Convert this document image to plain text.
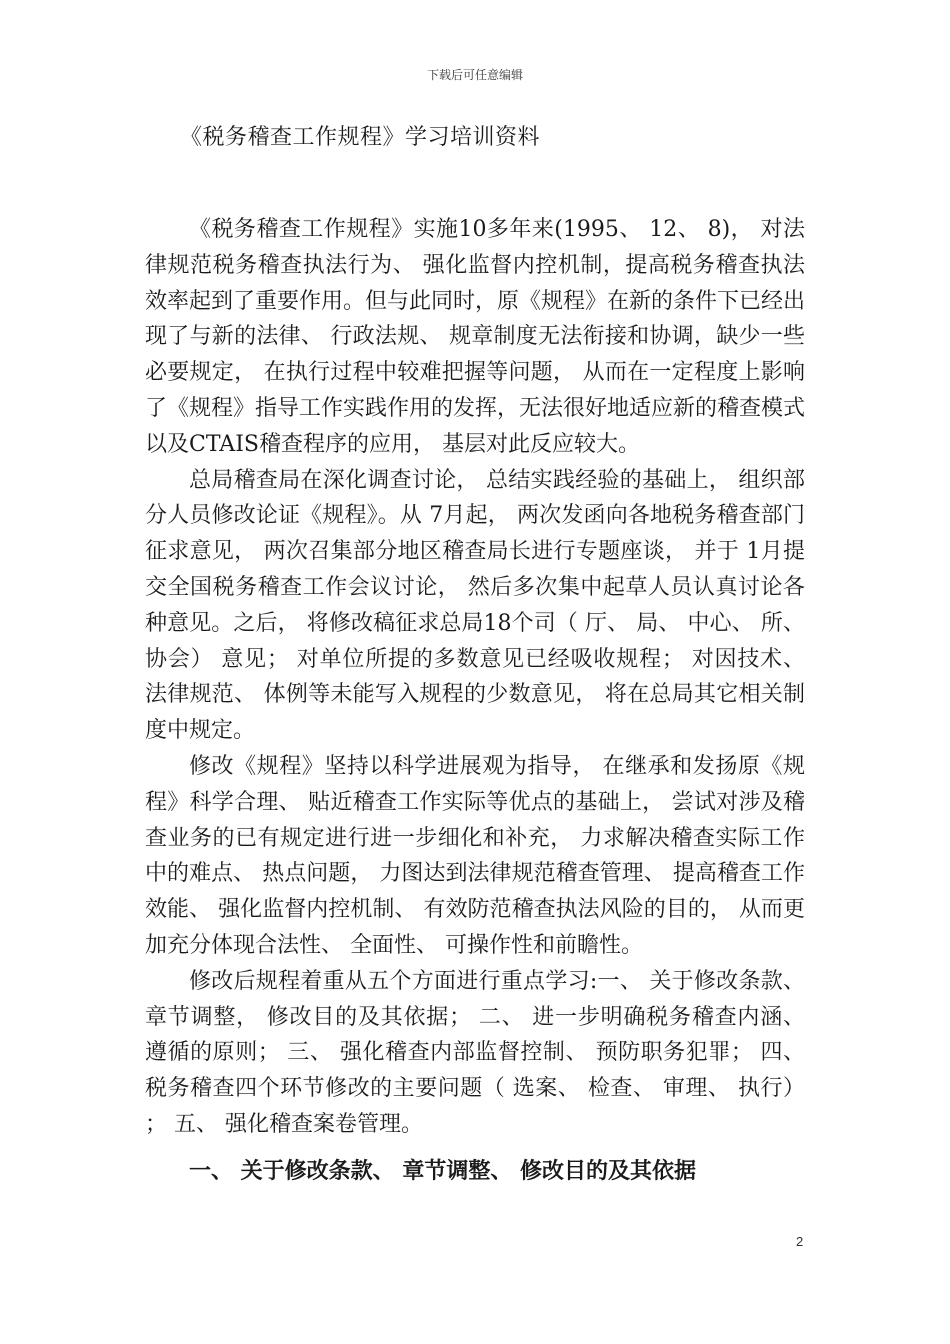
下载后可任意编辑
《税务稽查工作规程》学习培训资料

《税务稽查工作规程》实施10多年来(1995、 12、 8)， 对法律规范税务稽查执法行为、 强化监督内控机制，提高税务稽查执法效率起到了重要作用。但与此同时，原《规程》在新的条件下已经出现了与新的法律、 行政法规、 规章制度无法衔接和协调，缺少一些必要规定， 在执行过程中较难把握等问题， 从而在一定程度上影响了《规程》指导工作实践作用的发挥，无法很好地适应新的稽查模式以及CTAIS稽查程序的应用， 基层对此反应较大。

总局稽查局在深化调查讨论， 总结实践经验的基础上， 组织部分人员修改论证《规程》。从 7月起， 两次发函向各地税务稽查部门征求意见， 两次召集部分地区稽查局长进行专题座谈， 并于 1月提交全国税务稽查工作会议讨论， 然后多次集中起草人员认真讨论各种意见。之后， 将修改稿征求总局18个司（ 厅、 局、 中心、 所、 协会） 意见； 对单位所提的多数意见已经吸收规程； 对因技术、 法律规范、 体例等未能写入规程的少数意见， 将在总局其它相关制度中规定。

修改《规程》坚持以科学进展观为指导， 在继承和发扬原《规程》科学合理、 贴近稽查工作实际等优点的基础上， 尝试对涉及稽查业务的已有规定进行进一步细化和补充， 力求解决稽查实际工作中的难点、 热点问题， 力图达到法律规范稽查管理、 提高稽查工作效能、 强化监督内控机制、 有效防范稽查执法风险的目的， 从而更加充分体现合法性、 全面性、 可操作性和前瞻性。

修改后规程着重从五个方面进行重点学习:一、 关于修改条款、 章节调整， 修改目的及其依据； 二、 进一步明确税务稽查内涵、 遵循的原则； 三、 强化稽查内部监督控制、 预防职务犯罪； 四、 税务稽查四个环节修改的主要问题（ 选案、 检查、 审理、 执行） ； 五、 强化稽查案卷管理。

一、 关于修改条款、 章节调整、 修改目的及其依据
2
